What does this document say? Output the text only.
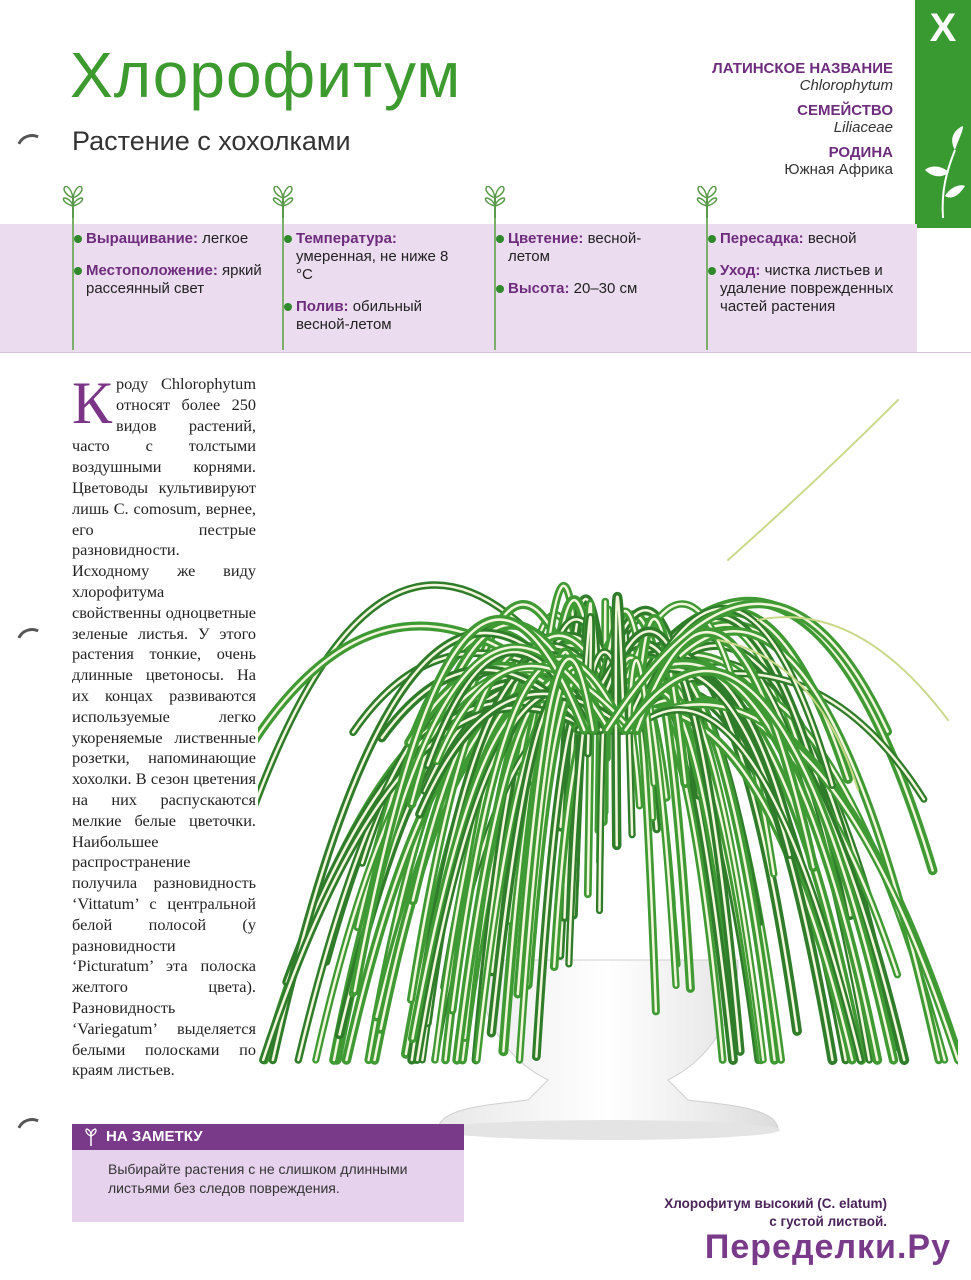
Хлорофитум
Растение с хохолками
Х
ЛАТИНСКОЕ НАЗВАНИЕ
Chlorophytum
СЕМЕЙСТВО
Liliaceae
РОДИНА
Южная Африка
Выращивание: легкое
Местоположение: яркий рассеянный свет
Температура: умеренная, не ниже 8 °С
Полив: обильный весной-летом
Цветение: весной-летом
Высота: 20–30 см
Пересадка: весной
Уход: чистка листьев и удаление поврежденных частей растения
К роду Chlorophytum относят более 250 видов растений, часто с толстыми воздушными корнями. Цветоводы культивируют лишь C. comosum, вернее, его пестрые разновидности. Исходному же виду хлорофитума свойственны одноцветные зеленые листья. У этого растения тонкие, очень длинные цветоносы. На их концах развиваются используемые легко укореняемые лиственные розетки, напоминающие хохолки. В сезон цветения на них распускаются мелкие белые цветочки. Наибольшее распространение получила разновидность ‘Vittatum’ с центральной белой полосой (у разновидности ‘Picturatum’ эта полоска желтого цвета). Разновидность ‘Variegatum’ выделяется белыми полосками по краям листьев.
НА ЗАМЕТКУ
Выбирайте растения с не слишком длинными листьями без следов повреждения.
Хлорофитум высокий (C. elatum)
с густой листвой.
Переделки.Ру
